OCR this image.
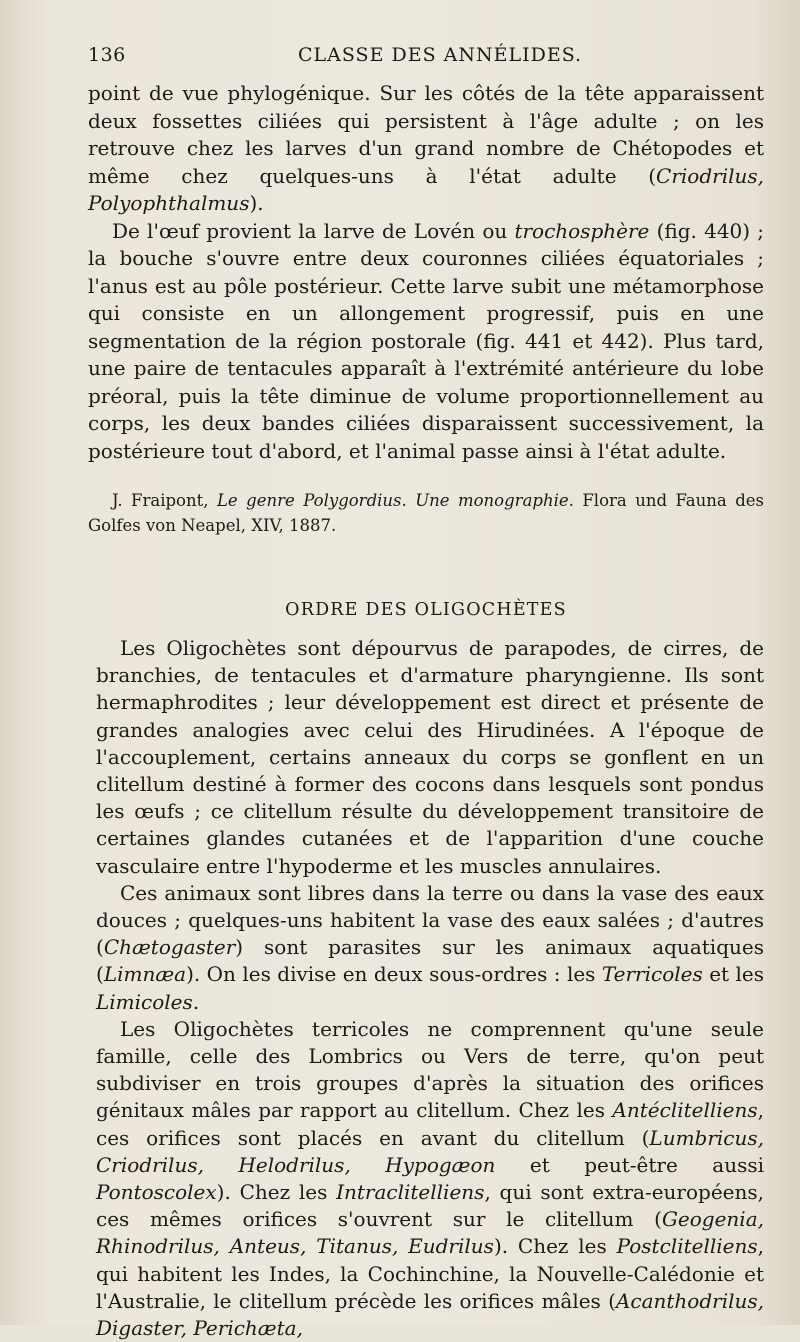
136	CLASSE DES ANNÉLIDES.

point de vue phylogénique. Sur les côtés de la tête apparaissent deux fossettes ciliées qui persistent à l'âge adulte ; on les retrouve chez les larves d'un grand nombre de Chétopodes et même chez quelques-uns à l'état adulte (Criodrilus, Polyophthalmus).

De l'œuf provient la larve de Lovén ou trochosphère (fig. 440) ; la bouche s'ouvre entre deux couronnes ciliées équatoriales ; l'anus est au pôle postérieur. Cette larve subit une métamorphose qui consiste en un allongement progressif, puis en une segmentation de la région postorale (fig. 441 et 442). Plus tard, une paire de tentacules apparaît à l'extrémité antérieure du lobe préoral, puis la tête diminue de volume proportionnellement au corps, les deux bandes ciliées disparaissent successivement, la postérieure tout d'abord, et l'animal passe ainsi à l'état adulte.

J. Fraipont, Le genre Polygordius. Une monographie. Flora und Fauna des Golfes von Neapel, XIV, 1887.

ORDRE DES OLIGOCHÈTES

Les Oligochètes sont dépourvus de parapodes, de cirres, de branchies, de tentacules et d'armature pharyngienne. Ils sont hermaphrodites ; leur développement est direct et présente de grandes analogies avec celui des Hirudinées. A l'époque de l'accouplement, certains anneaux du corps se gonflent en un clitellum destiné à former des cocons dans lesquels sont pondus les œufs ; ce clitellum résulte du développement transitoire de certaines glandes cutanées et de l'apparition d'une couche vasculaire entre l'hypoderme et les muscles annulaires.

Ces animaux sont libres dans la terre ou dans la vase des eaux douces ; quelques-uns habitent la vase des eaux salées ; d'autres (Chætogaster) sont parasites sur les animaux aquatiques (Limnæa). On les divise en deux sous-ordres : les Terricoles et les Limicoles.

Les Oligochètes terricoles ne comprennent qu'une seule famille, celle des Lombrics ou Vers de terre, qu'on peut subdiviser en trois groupes d'après la situation des orifices génitaux mâles par rapport au clitellum. Chez les Antéclitelliens, ces orifices sont placés en avant du clitellum (Lumbricus, Criodrilus, Helodrilus, Hypogæon et peut-être aussi Pontoscolex). Chez les Intraclitelliens, qui sont extra-européens, ces mêmes orifices s'ouvrent sur le clitellum (Geogenia, Rhinodrilus, Anteus, Titanus, Eudrilus). Chez les Postclitelliens, qui habitent les Indes, la Cochinchine, la Nouvelle-Calédonie et l'Australie, le clitellum précède les orifices mâles (Acanthodrilus, Digaster, Perichæta,
